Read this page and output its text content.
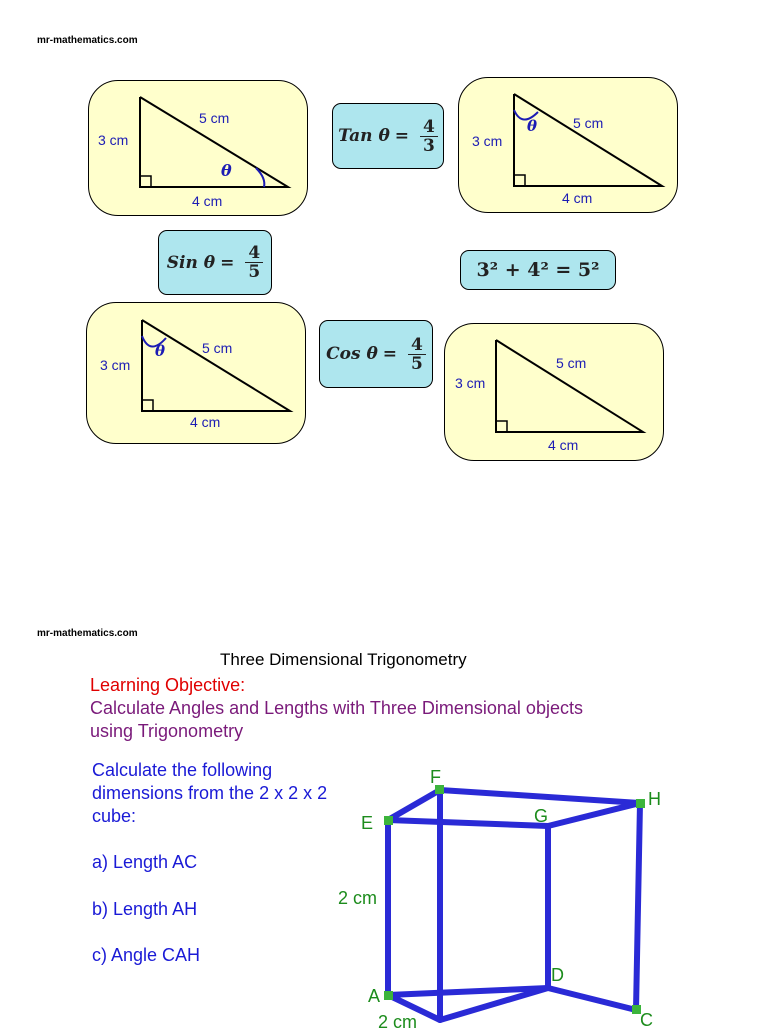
mr-mathematics.com
5 cm
3 cm
4 cm
θ
Tan $\theta = \frac{4}{3}$	5 cm
3 cm
4 cm
θ
Sin $\theta = \frac{4}{5}$	3² + 4² = 5²
5 cm
3 cm
4 cm
θ	Cos $\theta = \frac{4}{5}$	5 cm
3 cm
4 cm
mr-mathematics.com
Three Dimensional Trigonometry
Learning Objective:
Calculate Angles and Lengths with Three Dimensional objects
using Trigonometry
Calculate the following
dimensions from the 2 x 2 x 2
cube:
a) Length AC
b) Length AH
c) Angle CAH
F
H
E	G
2 cm
D
A
2 cm	C
